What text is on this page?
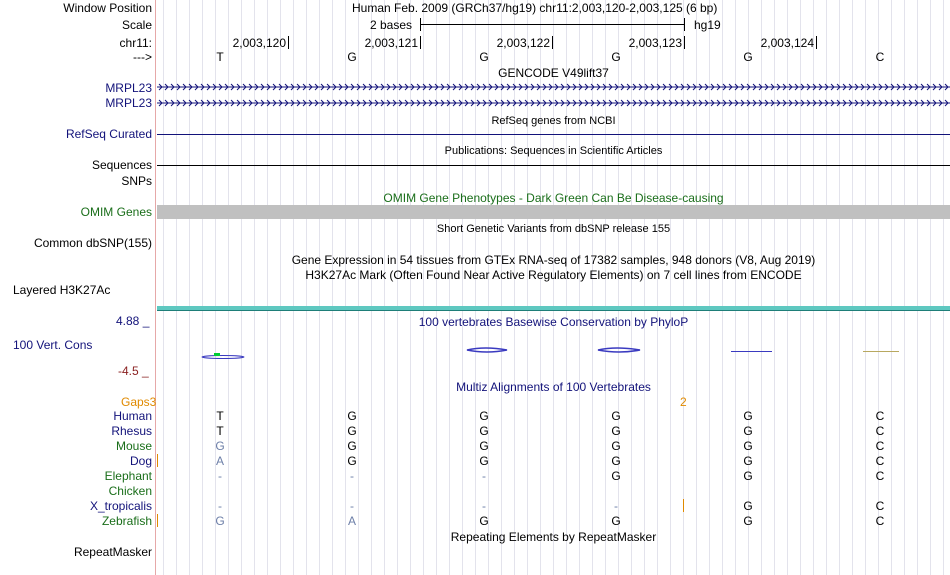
Window Position	Human Feb. 2009 (GRCh37/hg19) chr11:2,003,120-2,003,125 (6 bp)
Scale	2 bases	hg19
chr11:	2,003,120	2,003,121	2,003,122	2,003,123	2,003,124
--->	T	G	G	G	G	C
GENCODE V49lift37
MRPL23
MRPL23
RefSeq genes from NCBI
RefSeq Curated
Publications: Sequences in Scientific Articles
Sequences
SNPs
OMIM Gene Phenotypes - Dark Green Can Be Disease-causing
OMIM Genes
Short Genetic Variants from dbSNP release 155
Common dbSNP(155)
Gene Expression in 54 tissues from GTEx RNA-seq of 17382 samples, 948 donors (V8, Aug 2019)
H3K27Ac Mark (Often Found Near Active Regulatory Elements) on 7 cell lines from ENCODE
Layered H3K27Ac
4.88 _	100 vertebrates Basewise Conservation by PhyloP
100 Vert. Cons
-4.5 _
Multiz Alignments of 100 Vertebrates
Gaps3	2
Human	T	G	G	G	G	C
Rhesus	T	G	G	G	G	C
Mouse	G	G	G	G	G	C
Dog	A	G	G	G	G	C
Elephant	-	-	-	G	G	C
Chicken
X_tropicalis	-	-	-	-	G	C
Zebrafish	G	A	G	G	G	C
Repeating Elements by RepeatMasker
RepeatMasker
